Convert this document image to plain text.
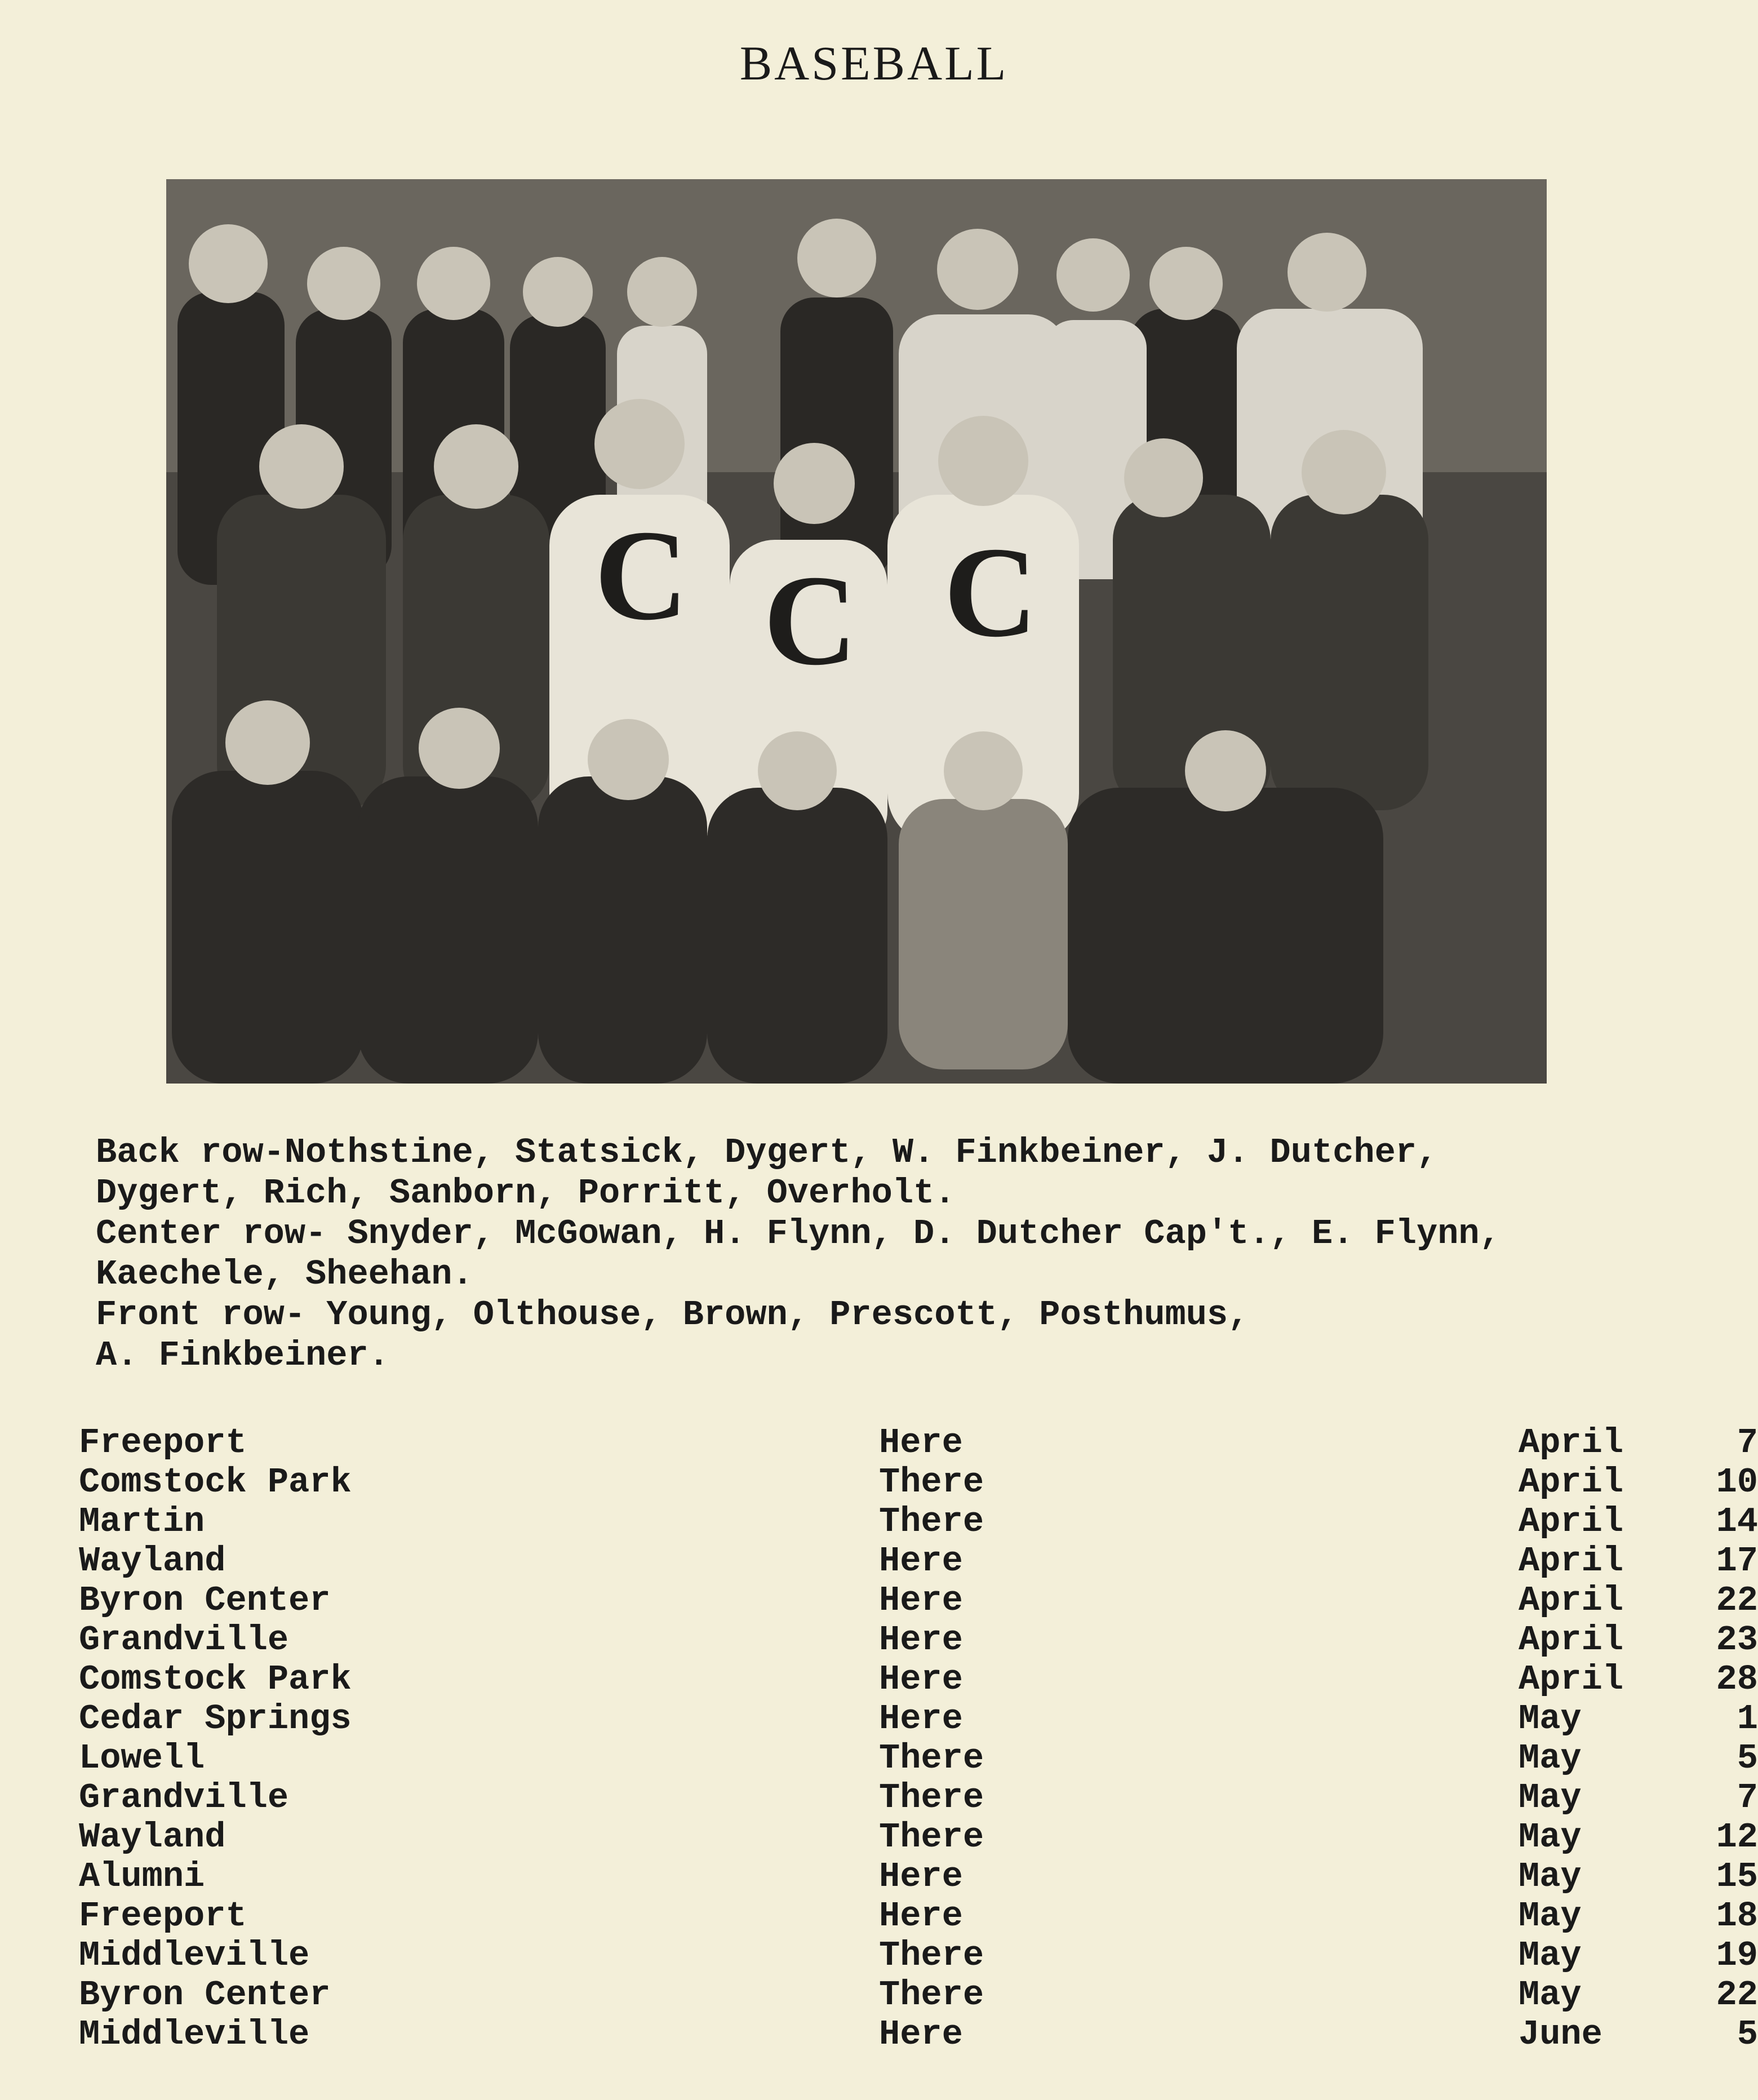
BASEBALL
C C C
Back row-Nothstine, Statsick, Dygert, W. Finkbeiner, J. Dutcher,
Dygert, Rich, Sanborn, Porritt, Overholt.
Center row- Snyder, McGowan, H. Flynn, D. Dutcher Cap't., E. Flynn,
Kaechele, Sheehan.
Front row- Young, Olthouse, Brown, Prescott, Posthumus,
A. Finkbeiner.
Freeport	Here	April	7
Comstock Park	There	April	10
Martin	There	April	14
Wayland	Here	April	17
Byron Center	Here	April	22
Grandville	Here	April	23
Comstock Park	Here	April	28
Cedar Springs	Here	May	1
Lowell	There	May	5
Grandville	There	May	7
Wayland	There	May	12
Alumni	Here	May	15
Freeport	Here	May	18
Middleville	There	May	19
Byron Center	There	May	22
Middleville	Here	June	5
